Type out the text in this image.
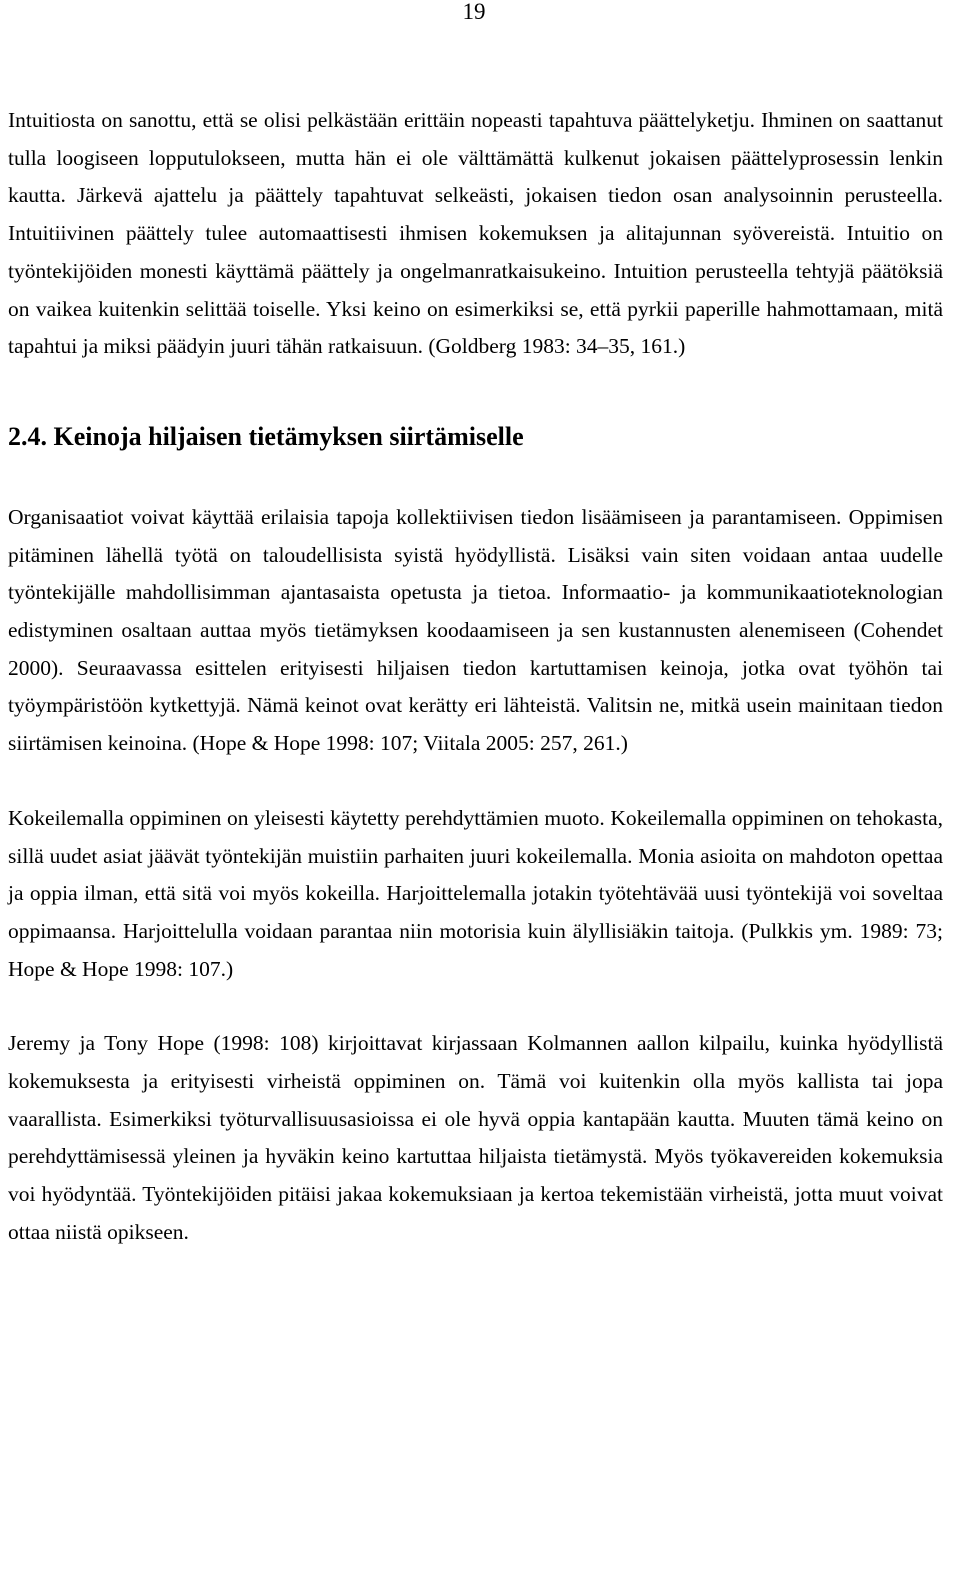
19

Intuitiosta on sanottu, että se olisi pelkästään erittäin nopeasti tapahtuva päättelyketju. Ihminen on saattanut tulla loogiseen lopputulokseen, mutta hän ei ole välttämättä kulkenut jokaisen päättelyprosessin lenkin kautta. Järkevä ajattelu ja päättely tapahtuvat selkeästi, jokaisen tiedon osan analysoinnin perusteella. Intuitiivinen päättely tulee automaattisesti ihmisen kokemuksen ja alitajunnan syövereistä. Intuitio on työntekijöiden monesti käyttämä päättely ja ongelmanratkaisukeino. Intuition perusteella tehtyjä päätöksiä on vaikea kuitenkin selittää toiselle. Yksi keino on esimerkiksi se, että pyrkii paperille hahmottamaan, mitä tapahtui ja miksi päädyin juuri tähän ratkaisuun. (Goldberg 1983: 34–35, 161.)

2.4. Keinoja hiljaisen tietämyksen siirtämiselle

Organisaatiot voivat käyttää erilaisia tapoja kollektiivisen tiedon lisäämiseen ja parantamiseen. Oppimisen pitäminen lähellä työtä on taloudellisista syistä hyödyllistä. Lisäksi vain siten voidaan antaa uudelle työntekijälle mahdollisimman ajantasaista opetusta ja tietoa. Informaatio- ja kommunikaatioteknologian edistyminen osaltaan auttaa myös tietämyksen koodaamiseen ja sen kustannusten alenemiseen (Cohendet 2000). Seuraavassa esittelen erityisesti hiljaisen tiedon kartuttamisen keinoja, jotka ovat työhön tai työympäristöön kytkettyjä. Nämä keinot ovat kerätty eri lähteistä. Valitsin ne, mitkä usein mainitaan tiedon siirtämisen keinoina. (Hope & Hope 1998: 107; Viitala 2005: 257, 261.)

Kokeilemalla oppiminen on yleisesti käytetty perehdyttämien muoto. Kokeilemalla oppiminen on tehokasta, sillä uudet asiat jäävät työntekijän muistiin parhaiten juuri kokeilemalla. Monia asioita on mahdoton opettaa ja oppia ilman, että sitä voi myös kokeilla. Harjoittelemalla jotakin työtehtävää uusi työntekijä voi soveltaa oppimaansa. Harjoittelulla voidaan parantaa niin motorisia kuin älyllisiäkin taitoja. (Pulkkis ym. 1989: 73; Hope & Hope 1998: 107.)

Jeremy ja Tony Hope (1998: 108) kirjoittavat kirjassaan Kolmannen aallon kilpailu, kuinka hyödyllistä kokemuksesta ja erityisesti virheistä oppiminen on. Tämä voi kuitenkin olla myös kallista tai jopa vaarallista. Esimerkiksi työturvallisuusasioissa ei ole hyvä oppia kantapään kautta. Muuten tämä keino on perehdyttämisessä yleinen ja hyväkin keino kartuttaa hiljaista tietämystä. Myös työkavereiden kokemuksia voi hyödyntää. Työntekijöiden pitäisi jakaa kokemuksiaan ja kertoa tekemistään virheistä, jotta muut voivat ottaa niistä opikseen.
